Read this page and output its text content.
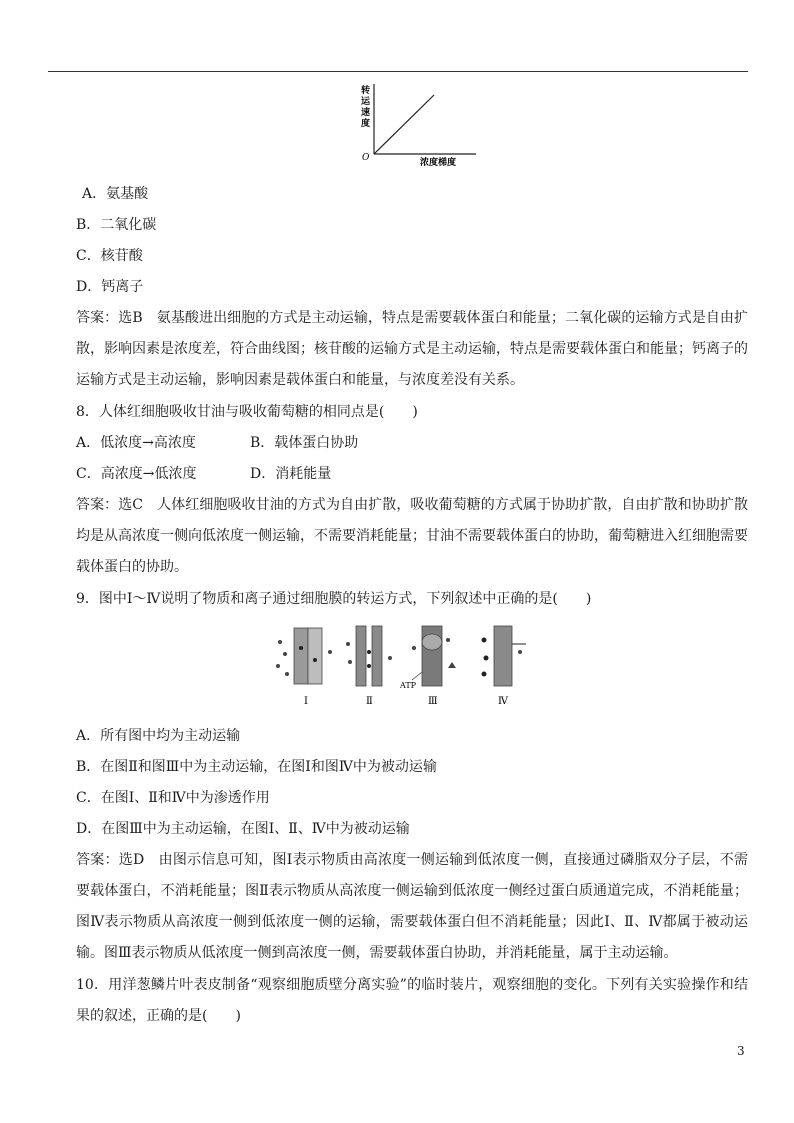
转
运
速
度
O	浓度梯度
A．氨基酸
B．二氧化碳
C．核苷酸
D．钙离子

答案：选B　氨基酸进出细胞的方式是主动运输，特点是需要载体蛋白和能量；二氧化碳的运输方式是自由扩散，影响因素是浓度差，符合曲线图；核苷酸的运输方式是主动运输，特点是需要载体蛋白和能量；钙离子的运输方式是主动运输，影响因素是载体蛋白和能量，与浓度差没有关系。

8．人体红细胞吸收甘油与吸收葡萄糖的相同点是(　　)
A．低浓度→高浓度	B．载体蛋白协助
C．高浓度→低浓度	D．消耗能量

答案：选C　人体红细胞吸收甘油的方式为自由扩散，吸收葡萄糖的方式属于协助扩散，自由扩散和协助扩散均是从高浓度一侧向低浓度一侧运输，不需要消耗能量；甘油不需要载体蛋白的协助，葡萄糖进入红细胞需要载体蛋白的协助。

9．图中Ⅰ～Ⅳ说明了物质和离子通过细胞膜的转运方式，下列叙述中正确的是(　　)
Ⅰ	Ⅱ
ATP
Ⅲ	Ⅳ
A．所有图中均为主动运输
B．在图Ⅱ和图Ⅲ中为主动运输，在图Ⅰ和图Ⅳ中为被动运输
C．在图Ⅰ、Ⅱ和Ⅳ中为渗透作用
D．在图Ⅲ中为主动运输，在图Ⅰ、Ⅱ、Ⅳ中为被动运输

答案：选D　由图示信息可知，图Ⅰ表示物质由高浓度一侧运输到低浓度一侧，直接通过磷脂双分子层，不需要载体蛋白，不消耗能量；图Ⅱ表示物质从高浓度一侧运输到低浓度一侧经过蛋白质通道完成，不消耗能量；图Ⅳ表示物质从高浓度一侧到低浓度一侧的运输，需要载体蛋白但不消耗能量；因此Ⅰ、Ⅱ、Ⅳ都属于被动运输。图Ⅲ表示物质从低浓度一侧到高浓度一侧，需要载体蛋白协助，并消耗能量，属于主动运输。

10．用洋葱鳞片叶表皮制备“观察细胞质壁分离实验”的临时装片，观察细胞的变化。下列有关实验操作和结果的叙述，正确的是(　　)

3
